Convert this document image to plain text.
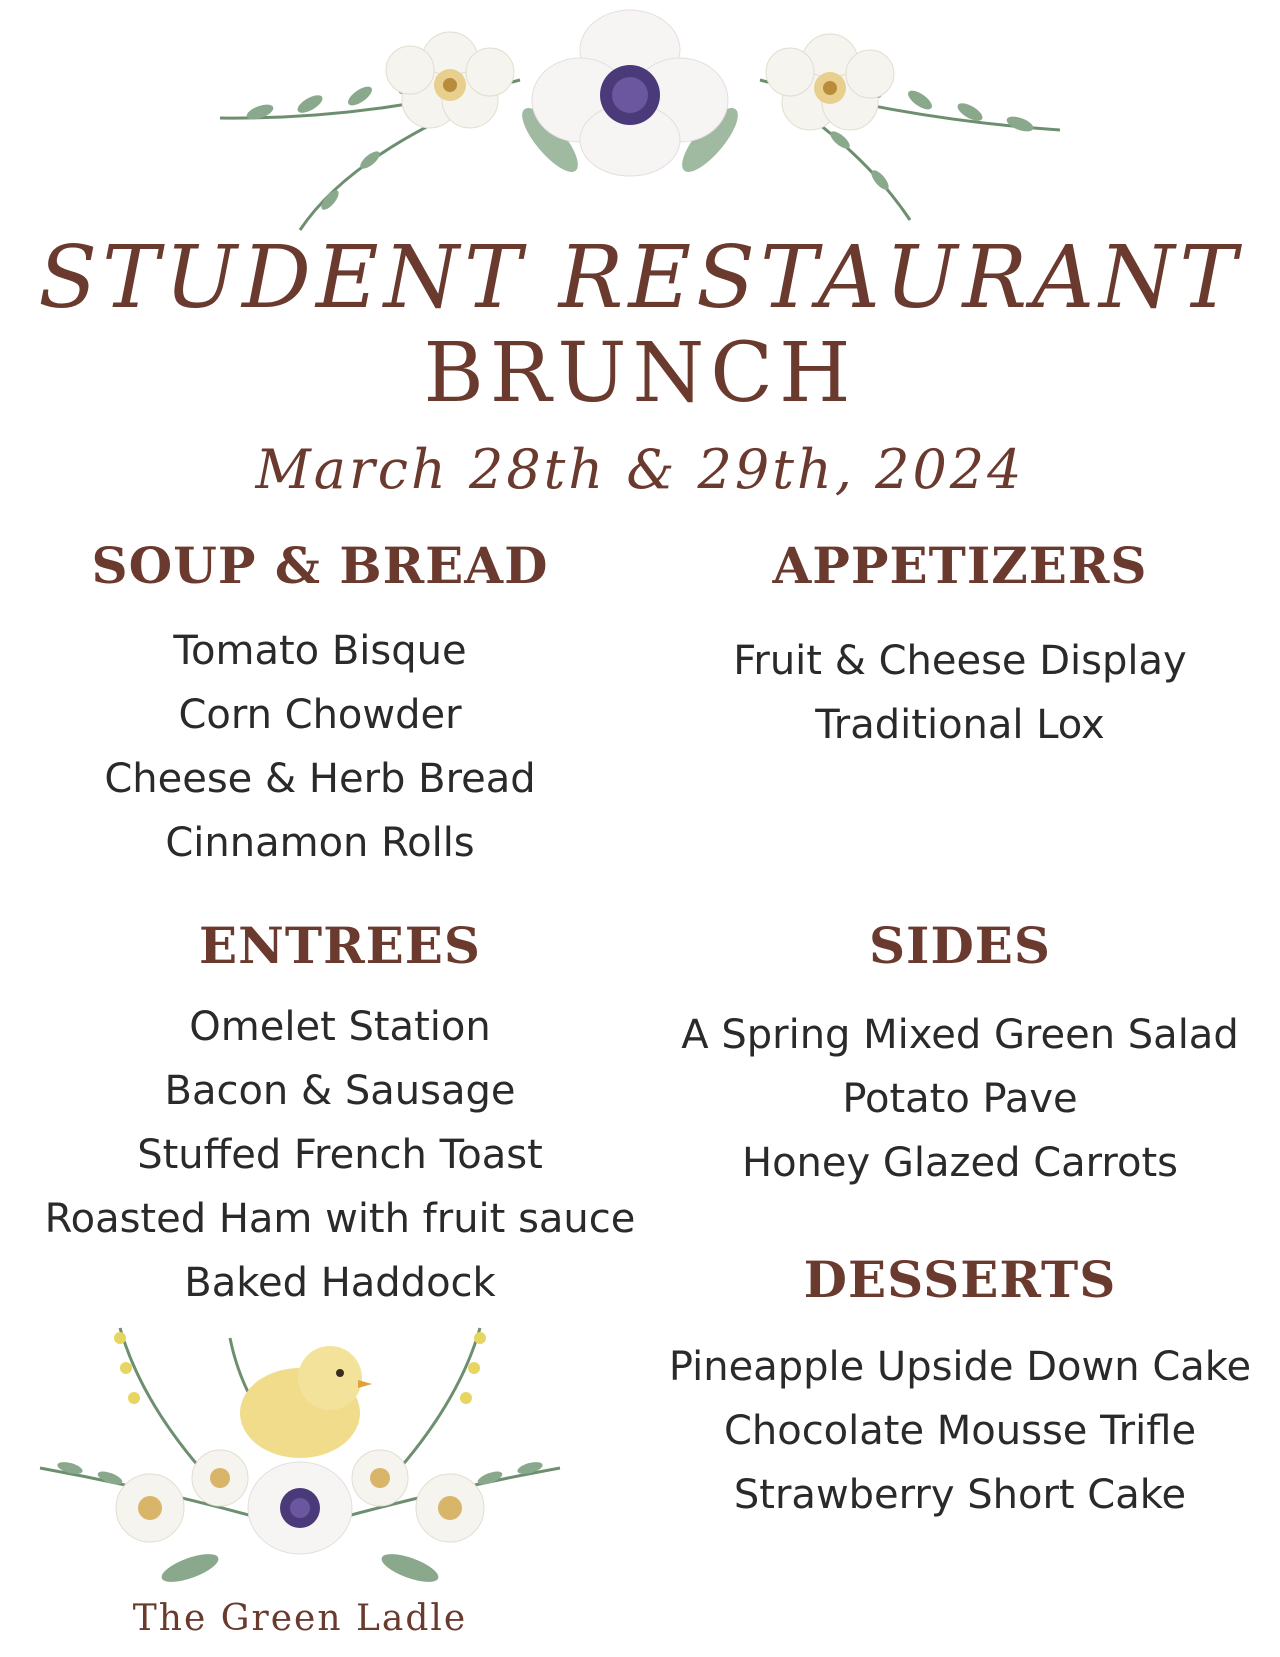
STUDENT RESTAURANT
BRUNCH
March 28th & 29th, 2024
SOUP & BREAD
Tomato Bisque
Corn Chowder
Cheese & Herb Bread
Cinnamon Rolls
APPETIZERS
Fruit & Cheese Display
Traditional Lox
ENTREES
Omelet Station
Bacon & Sausage
Stuffed French Toast
Roasted Ham with fruit sauce
Baked Haddock
SIDES
A Spring Mixed Green Salad
Potato Pave
Honey Glazed Carrots
DESSERTS
Pineapple Upside Down Cake
Chocolate Mousse Trifle
Strawberry Short Cake
The Green Ladle
